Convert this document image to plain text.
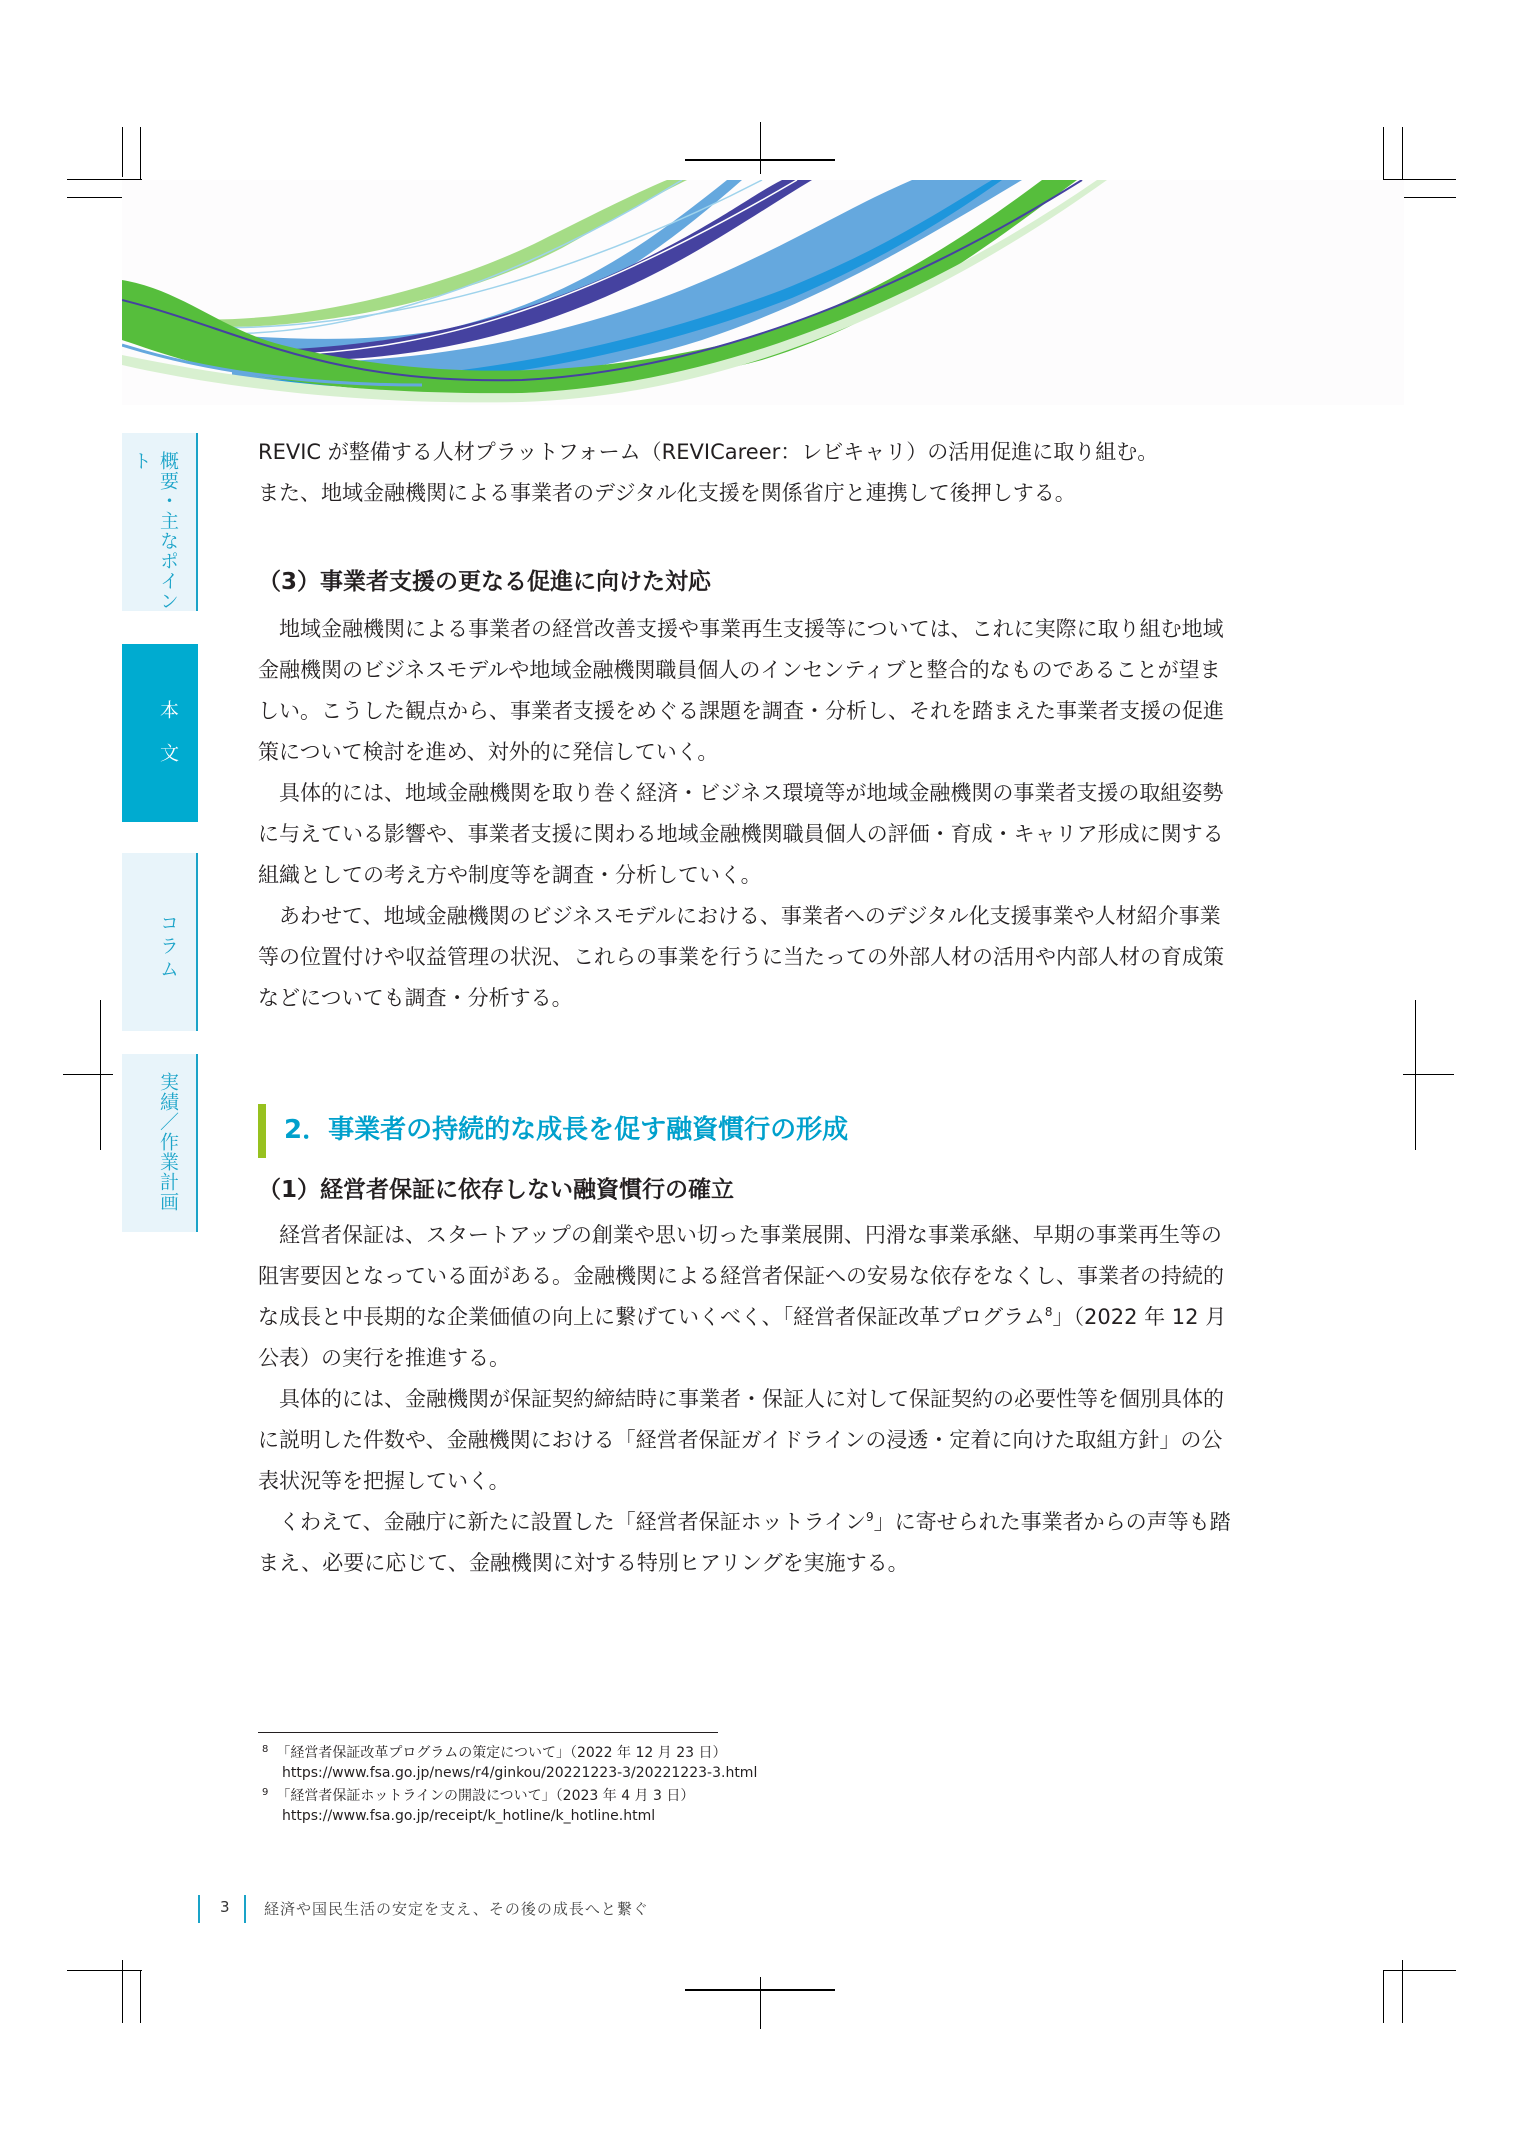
概要・主なポイント
本文
コラム
実績／作業計画

REVIC が整備する人材プラットフォーム（REVICareer：レビキャリ）の活用促進に取り組む。

また、地域金融機関による事業者のデジタル化支援を関係省庁と連携して後押しする。

（3）事業者支援の更なる促進に向けた対応

地域金融機関による事業者の経営改善支援や事業再生支援等については、これに実際に取り組む地域金融機関のビジネスモデルや地域金融機関職員個人のインセンティブと整合的なものであることが望ましい。こうした観点から、事業者支援をめぐる課題を調査・分析し、それを踏まえた事業者支援の促進策について検討を進め、対外的に発信していく。

具体的には、地域金融機関を取り巻く経済・ビジネス環境等が地域金融機関の事業者支援の取組姿勢に与えている影響や、事業者支援に関わる地域金融機関職員個人の評価・育成・キャリア形成に関する組織としての考え方や制度等を調査・分析していく。

あわせて、地域金融機関のビジネスモデルにおける、事業者へのデジタル化支援事業や人材紹介事業等の位置付けや収益管理の状況、これらの事業を行うに当たっての外部人材の活用や内部人材の育成策などについても調査・分析する。

2．事業者の持続的な成長を促す融資慣行の形成
（1）経営者保証に依存しない融資慣行の確立

経営者保証は、スタートアップの創業や思い切った事業展開、円滑な事業承継、早期の事業再生等の阻害要因となっている面がある。金融機関による経営者保証への安易な依存をなくし、事業者の持続的な成長と中長期的な企業価値の向上に繋げていくべく、「経営者保証改革プログラム$^8$」（2022 年 12 月公表）の実行を推進する。

具体的には、金融機関が保証契約締結時に事業者・保証人に対して保証契約の必要性等を個別具体的に説明した件数や、金融機関における「経営者保証ガイドラインの浸透・定着に向けた取組方針」の公表状況等を把握していく。

くわえて、金融庁に新たに設置した「経営者保証ホットライン$^9$」に寄せられた事業者からの声等も踏まえ、必要に応じて、金融機関に対する特別ヒアリングを実施する。

$^8$ 「経営者保証改革プログラムの策定について」（2022 年 12 月 23 日）
https://www.fsa.go.jp/news/r4/ginkou/20221223-3/20221223-3.html
$^9$ 「経営者保証ホットラインの開設について」（2023 年 4 月 3 日）
https://www.fsa.go.jp/receipt/k_hotline/k_hotline.html
3 経済や国民生活の安定を支え、その後の成長へと繋ぐ
